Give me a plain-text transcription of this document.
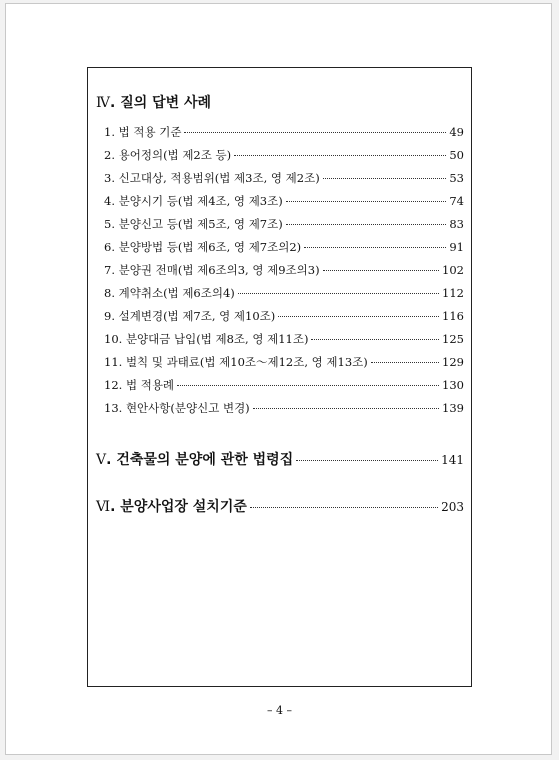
Ⅳ. 질의 답변 사례
1. 법 적용 기준	49
2. 용어정의(법 제2조 등)	50
3. 신고대상, 적용범위(법 제3조, 영 제2조)	53
4. 분양시기 등(법 제4조, 영 제3조)	74
5. 분양신고 등(법 제5조, 영 제7조)	83
6. 분양방법 등(법 제6조, 영 제7조의2)	91
7. 분양권 전매(법 제6조의3, 영 제9조의3)	102
8. 계약취소(법 제6조의4)	112
9. 설계변경(법 제7조, 영 제10조)	116
10. 분양대금 납입(법 제8조, 영 제11조)	125
11. 벌칙 및 과태료(법 제10조～제12조, 영 제13조)	129
12. 법 적용례	130
13. 현안사항(분양신고 변경)	139
Ⅴ. 건축물의 분양에 관한 법령집	141
Ⅵ. 분양사업장 설치기준	203
– 4 –
